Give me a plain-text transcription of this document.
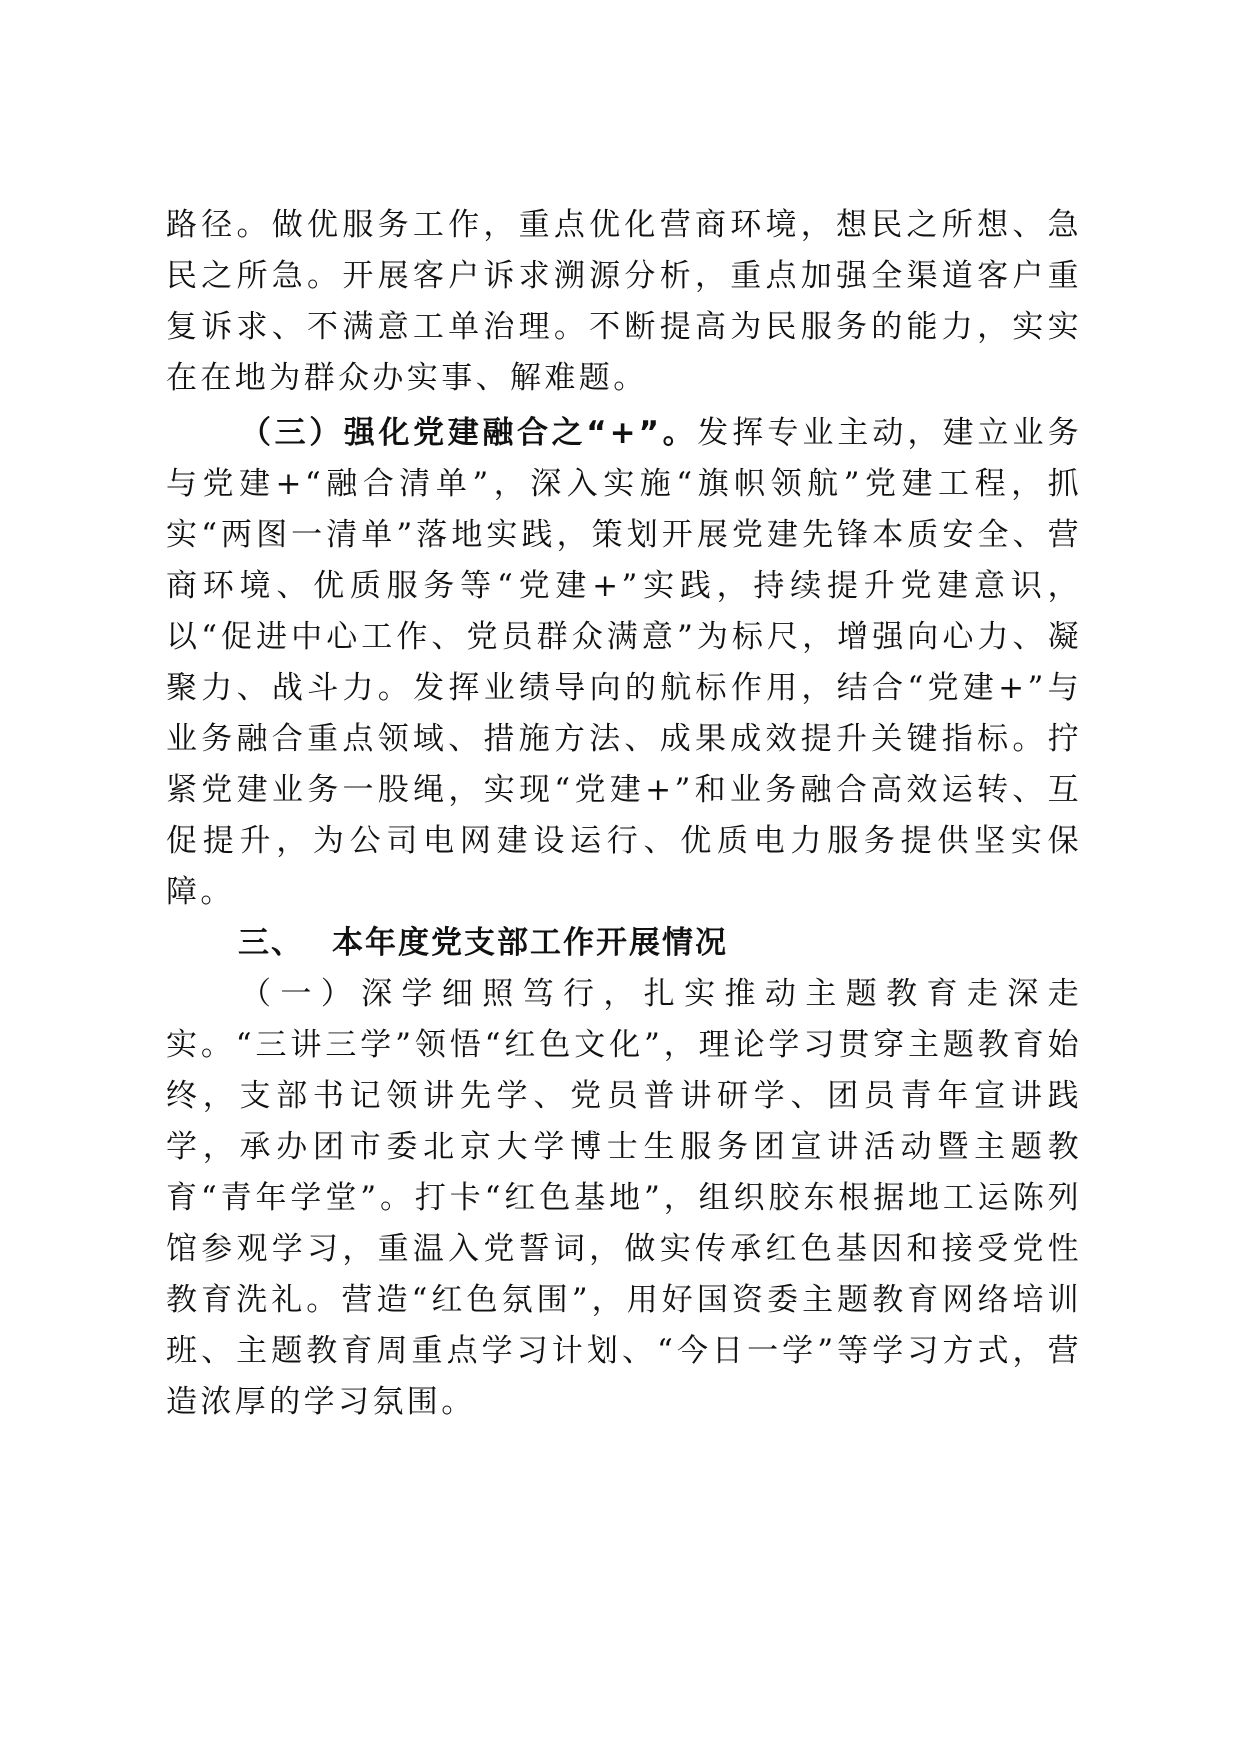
路径。做优服务工作，重点优化营商环境，想民之所想、急民之所急。开展客户诉求溯源分析，重点加强全渠道客户重复诉求、不满意工单治理。不断提高为民服务的能力，实实在在地为群众办实事、解难题。

（三）强化党建融合之“+”。发挥专业主动，建立业务与党建+“融合清单”，深入实施“旗帜领航”党建工程，抓实“两图一清单”落地实践，策划开展党建先锋本质安全、营商环境、优质服务等“党建+”实践，持续提升党建意识，以“促进中心工作、党员群众满意”为标尺，增强向心力、凝聚力、战斗力。发挥业绩导向的航标作用，结合“党建+”与业务融合重点领域、措施方法、成果成效提升关键指标。拧紧党建业务一股绳，实现“党建+”和业务融合高效运转、互促提升，为公司电网建设运行、优质电力服务提供坚实保障。

三、 本年度党支部工作开展情况

（一）深学细照笃行，扎实推动主题教育走深走实。“三讲三学”领悟“红色文化”，理论学习贯穿主题教育始终，支部书记领讲先学、党员普讲研学、团员青年宣讲践学，承办团市委北京大学博士生服务团宣讲活动暨主题教育“青年学堂”。打卡“红色基地”，组织胶东根据地工运陈列馆参观学习，重温入党誓词，做实传承红色基因和接受党性教育洗礼。营造“红色氛围”，用好国资委主题教育网络培训班、主题教育周重点学习计划、“今日一学”等学习方式，营造浓厚的学习氛围。
